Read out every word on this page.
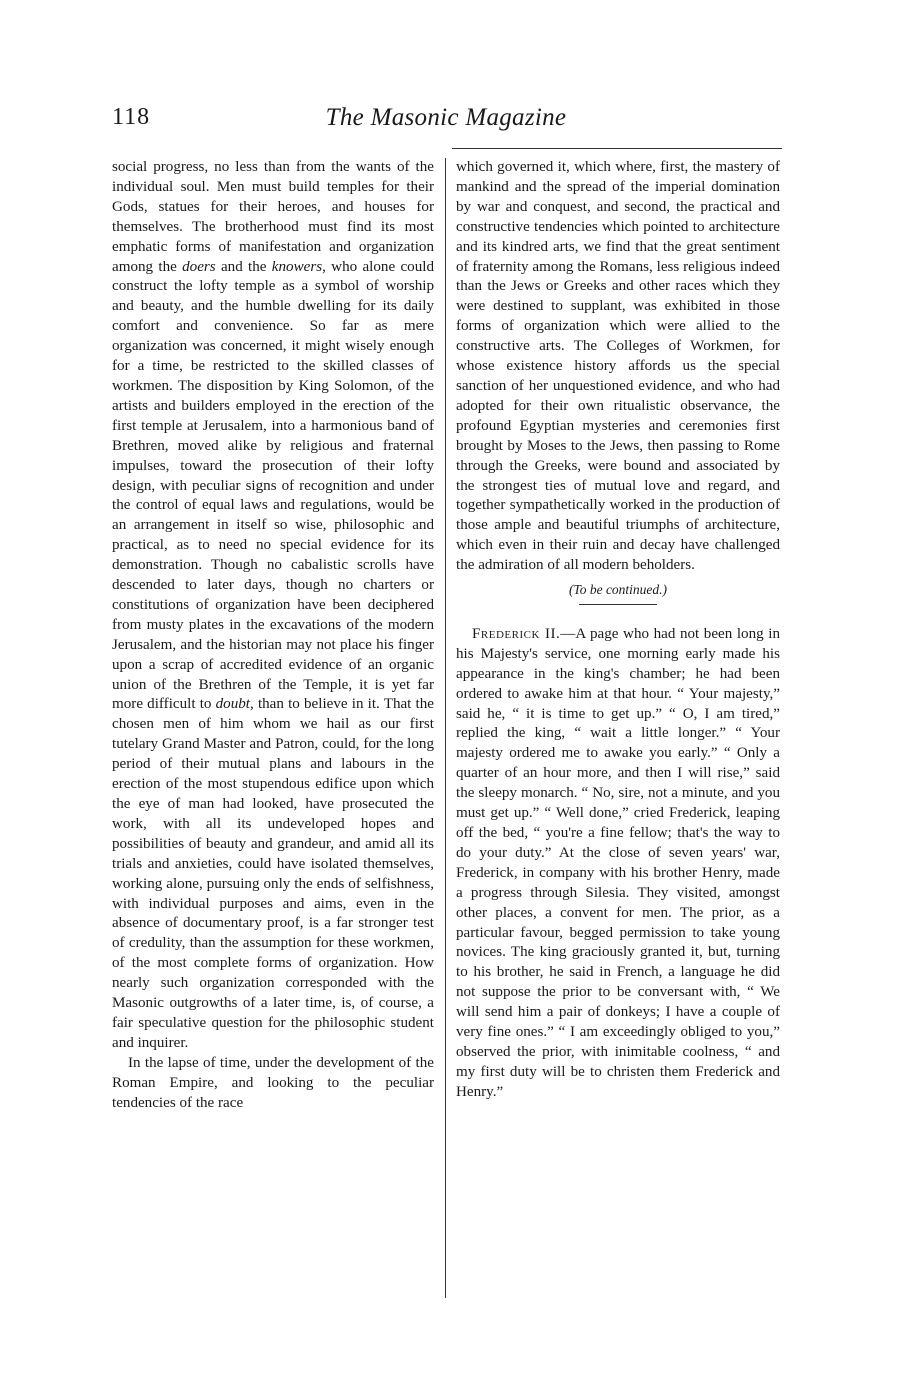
118	The Masonic Magazine

social progress, no less than from the wants of the individual soul. Men must build temples for their Gods, statues for their heroes, and houses for themselves. The brotherhood must find its most emphatic forms of manifestation and organization among the doers and the knowers, who alone could construct the lofty temple as a symbol of worship and beauty, and the humble dwelling for its daily comfort and convenience. So far as mere organization was concerned, it might wisely enough for a time, be restricted to the skilled classes of workmen. The disposition by King Solomon, of the artists and builders employed in the erection of the first temple at Jerusalem, into a harmonious band of Brethren, moved alike by religious and fraternal impulses, toward the prosecution of their lofty design, with peculiar signs of recognition and under the control of equal laws and regulations, would be an arrangement in itself so wise, philosophic and practical, as to need no special evidence for its demonstration. Though no cabalistic scrolls have descended to later days, though no charters or constitutions of organization have been deciphered from musty plates in the excavations of the modern Jerusalem, and the historian may not place his finger upon a scrap of accredited evidence of an organic union of the Brethren of the Temple, it is yet far more difficult to doubt, than to believe in it. That the chosen men of him whom we hail as our first tutelary Grand Master and Patron, could, for the long period of their mutual plans and labours in the erection of the most stupendous edifice upon which the eye of man had looked, have prosecuted the work, with all its undeveloped hopes and possibilities of beauty and grandeur, and amid all its trials and anxieties, could have isolated themselves, working alone, pursuing only the ends of selfishness, with individual purposes and aims, even in the absence of documentary proof, is a far stronger test of credulity, than the assumption for these workmen, of the most complete forms of organization. How nearly such organization corresponded with the Masonic outgrowths of a later time, is, of course, a fair speculative question for the philosophic student and inquirer.

In the lapse of time, under the development of the Roman Empire, and looking to the peculiar tendencies of the race

which governed it, which where, first, the mastery of mankind and the spread of the imperial domination by war and conquest, and second, the practical and constructive tendencies which pointed to architecture and its kindred arts, we find that the great sentiment of fraternity among the Romans, less religious indeed than the Jews or Greeks and other races which they were destined to supplant, was exhibited in those forms of organization which were allied to the constructive arts. The Colleges of Workmen, for whose existence history affords us the special sanction of her unquestioned evidence, and who had adopted for their own ritualistic observance, the profound Egyptian mysteries and ceremonies first brought by Moses to the Jews, then passing to Rome through the Greeks, were bound and associated by the strongest ties of mutual love and regard, and together sympathetically worked in the production of those ample and beautiful triumphs of architecture, which even in their ruin and decay have challenged the admiration of all modern beholders.

(To be continued.)

Frederick II.—A page who had not been long in his Majesty's service, one morning early made his appearance in the king's chamber; he had been ordered to awake him at that hour. “ Your majesty,” said he, “ it is time to get up.” “ O, I am tired,” replied the king, “ wait a little longer.” “ Your majesty ordered me to awake you early.” “ Only a quarter of an hour more, and then I will rise,” said the sleepy monarch. “ No, sire, not a minute, and you must get up.” “ Well done,” cried Frederick, leaping off the bed, “ you're a fine fellow; that's the way to do your duty.” At the close of seven years' war, Frederick, in company with his brother Henry, made a progress through Silesia. They visited, amongst other places, a convent for men. The prior, as a particular favour, begged permission to take young novices. The king graciously granted it, but, turning to his brother, he said in French, a language he did not suppose the prior to be conversant with, “ We will send him a pair of donkeys; I have a couple of very fine ones.” “ I am exceedingly obliged to you,” observed the prior, with inimitable coolness, “ and my first duty will be to christen them Frederick and Henry.”
